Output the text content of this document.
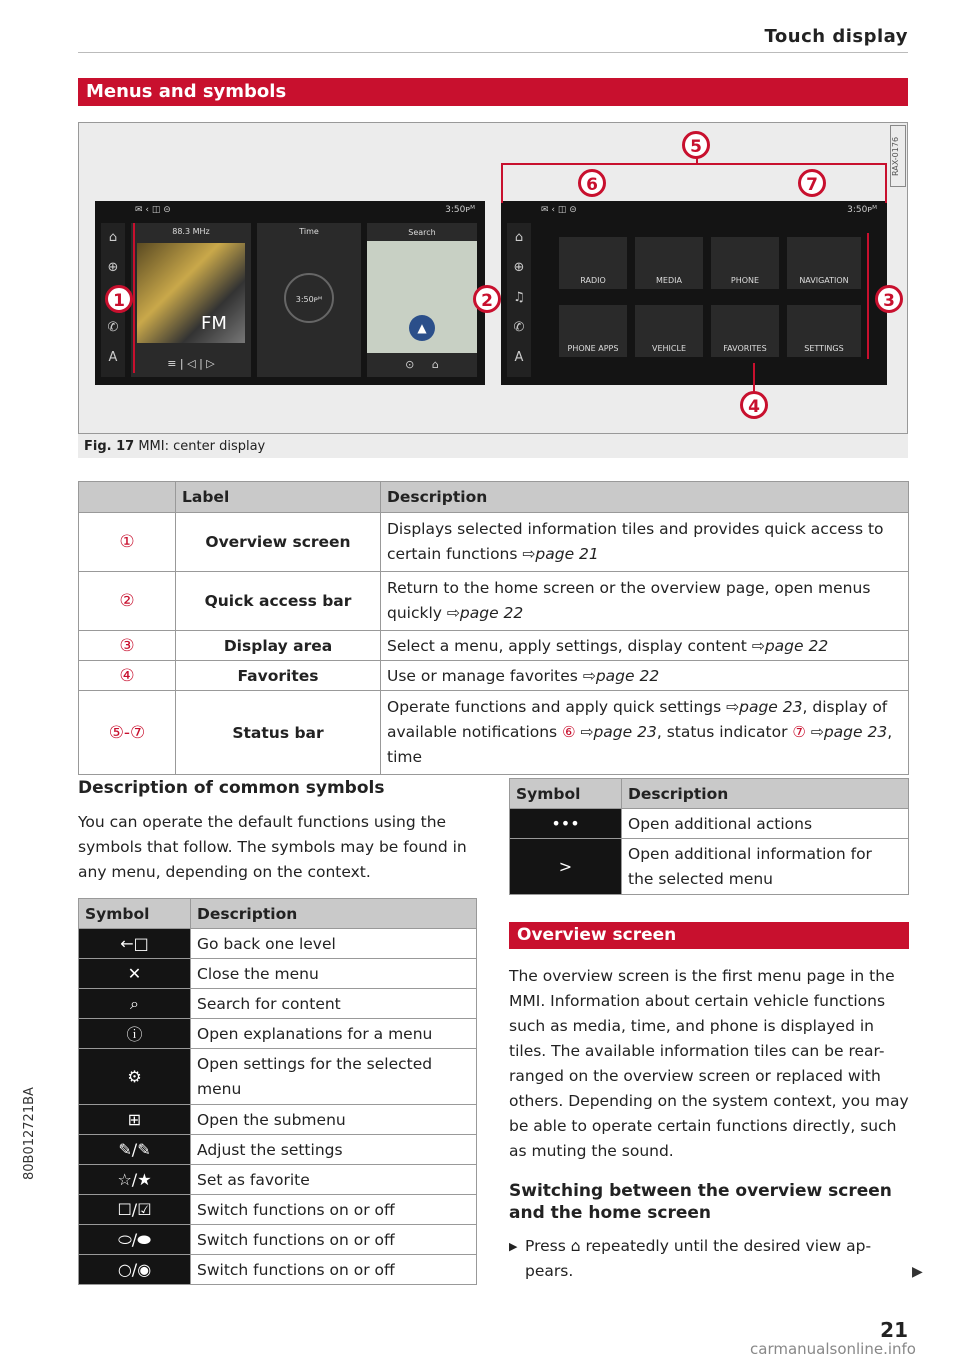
Touch display
Menus and symbols
RAX-0176
✉ ‹ ◫ ⊝	3:50ᴘᴹ
⌂
⊕

✆
A
88.3 MHz
FM
≡ | ◁ | ▷
Time
3:50ᴘᴹ
Search
▲
⊙     ⌂
✉ ‹ ◫ ⊝	3:50ᴘᴹ
⌂
⊕
♫
✆
A
RADIO	MEDIA	PHONE	NAVIGATION
PHONE APPS	VEHICLE	FAVORITES	SETTINGS
5
6	7
1	2	3
4
Fig. 17 MMI: center display
	Label	Description
①	Overview screen	Displays selected information tiles and provides quick access to certain functions ⇨page 21
②	Quick access bar	Return to the home screen or the overview page, open menus quickly ⇨page 22
③	Display area	Select a menu, apply settings, display content ⇨page 22
④	Favorites	Use or manage favorites ⇨page 22
⑤-⑦	Status bar	Operate functions and apply quick settings ⇨page 23, display of available notifications ⑥ ⇨page 23, status indicator ⑦ ⇨page 23, time
Description of common symbols
You can operate the default functions using the symbols that follow. The symbols may be found in any menu, depending on the context.
Symbol	Description
←□	Go back one level
✕	Close the menu
⌕	Search for content
ⓘ	Open explanations for a menu
⚙	Open settings for the selected menu
⊞	Open the submenu
✎/✎	Adjust the settings
☆/★	Set as favorite
☐/☑	Switch functions on or off
⬭/⬬	Switch functions on or off
○/◉	Switch functions on or off
Symbol	Description
•••	Open additional actions
>	Open additional information for the selected menu
Overview screen
The overview screen is the first menu page in the MMI. Information about certain vehicle functions such as media, time, and phone is displayed in tiles. The available information tiles can be rear-ranged on the overview screen or replaced with others. Depending on the system context, you may be able to operate certain functions directly, such as muting the sound.
Switching between the overview screen and the home screen
▶ Press ⌂ repeatedly until the desired view ap-pears.	▶
21
80B012721BA
carmanualsonline.info
